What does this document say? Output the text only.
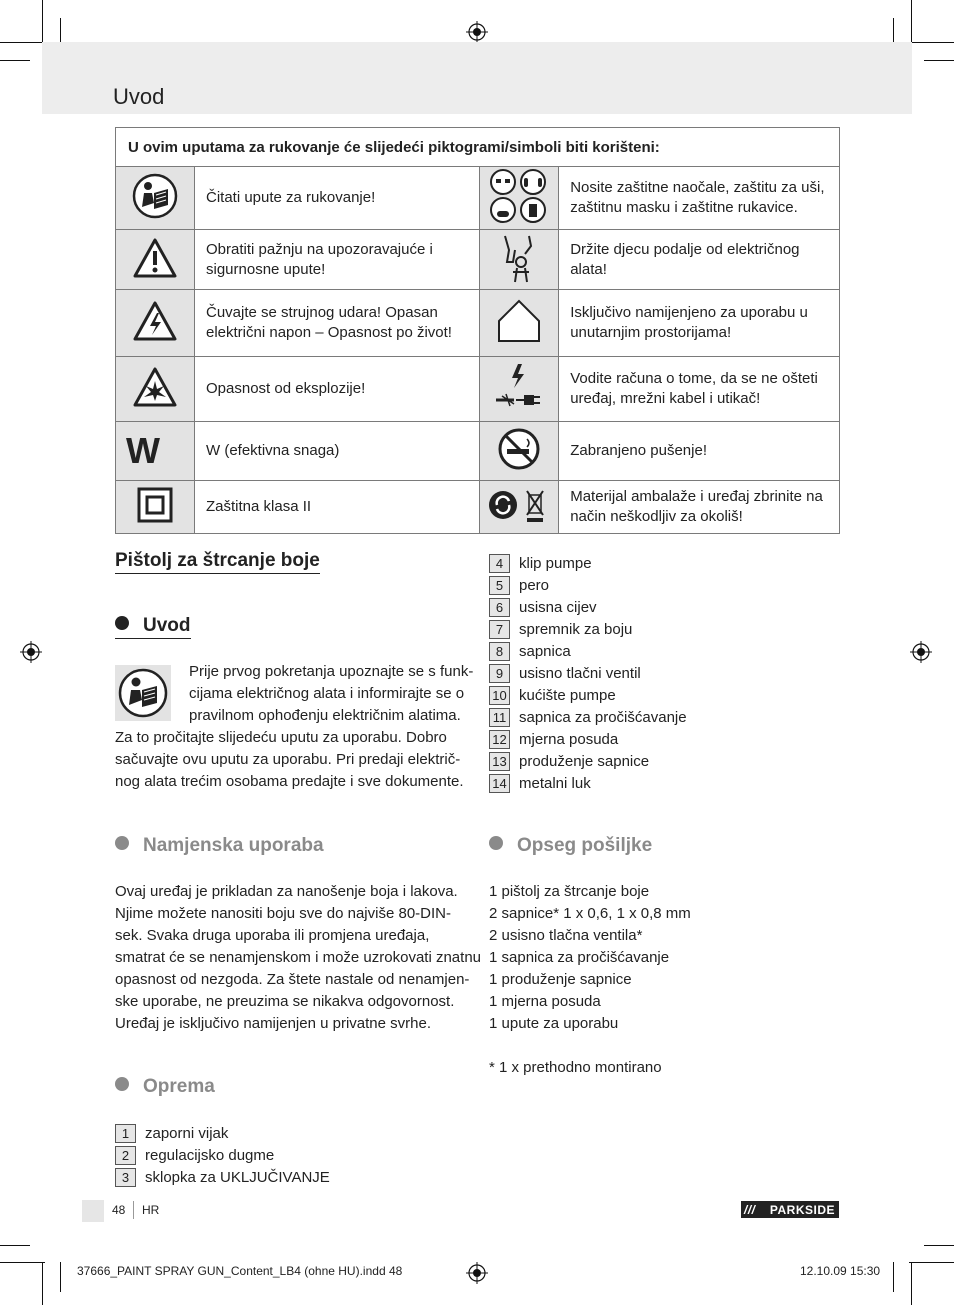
Uvod
U ovim uputama za rukovanje će slijedeći piktogrami/simboli biti korišteni:			
	Čitati upute za rukovanje!		Nosite zaštitne naočale, zaštitu za uši, zaštitnu masku i zaštitne rukavice.
	Obratiti pažnju na upozoravajuće i sigurnosne upute!		Držite djecu podalje od električnog alata!
	Čuvajte se strujnog udara! Opasan električni napon – Opasnost po život!		Isključivo namijenjeno za uporabu u unutarnjim prostorijama!
	Opasnost od eksplozije!		Vodite računa o tome, da se ne ošteti uređaj, mrežni kabel i utikač!
W	W (efektivna snaga)		Zabranjeno pušenje!
	Zaštitna klasa II		Materijal ambalaže i uređaj zbrinite na način neškodljiv za okoliš!
Pištolj za štrcanje boje
Uvod

Prije prvog pokretanja upoznajte se s funk-

cijama električnog alata i informirajte se o

pravilnom ophođenju električnim alatima.

Za to pročitajte slijedeću uputu za uporabu. Dobro

sačuvajte ovu uputu za uporabu. Pri predaji električ-

nog alata trećim osobama predajte i sve dokumente.

Namjenska uporaba

Ovaj uređaj je prikladan za nanošenje boja i lakova.

Njime možete nanositi boju sve do najviše 80-DIN-

sek. Svaka druga uporaba ili promjena uređaja,

smatrat će se nenamjenskom i može uzrokovati znatnu

opasnost od nezgoda. Za štete nastale od nenamjen-

ske uporabe, ne preuzima se nikakva odgovornost.

Uređaj je isključivo namijenjen u privatne svrhe.

Oprema
1	zaporni vijak
2	regulacijsko dugme
3	sklopka za UKLJUČIVANJE
4	klip pumpe
5	pero
6	usisna cijev
7	spremnik za boju
8	sapnica
9	usisno tlačni ventil
10 kućište pumpe
11 sapnica za pročišćavanje
12 mjerna posuda
13 produženje sapnice
14 metalni luk
Opseg pošiljke

1 pištolj za štrcanje boje

2 sapnice* 1 x 0,6, 1 x 0,8 mm

2 usisno tlačna ventila*

1 sapnica za pročišćavanje

1 produženje sapnice

1 mjerna posuda

1 upute za uporabu

* 1 x prethodno montirano

48 HR	/// PARKSIDE
37666_PAINT SPRAY GUN_Content_LB4 (ohne HU).indd 48	12.10.09 15:30
